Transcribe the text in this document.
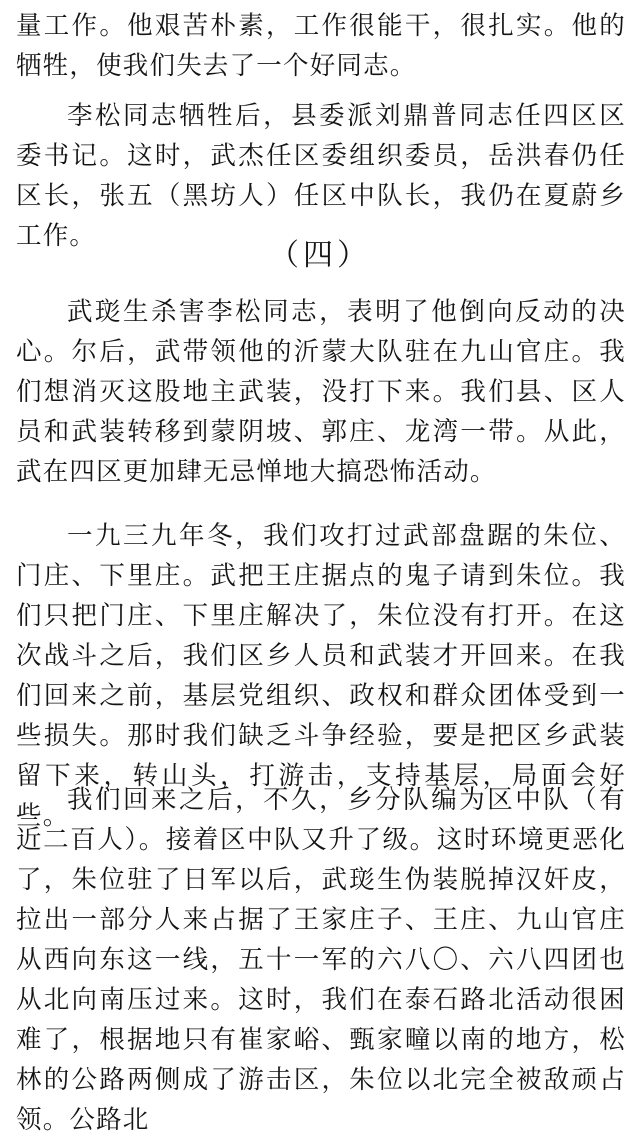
量工作。他艰苦朴素，工作很能干，很扎实。他的牺牲，使我们失去了一个好同志。

李松同志牺牲后，县委派刘鼎普同志任四区区委书记。这时，武杰任区委组织委员，岳洪春仍任区长，张五（黑坊人）任区中队长，我仍在夏蔚乡工作。

（四）

武珳生杀害李松同志，表明了他倒向反动的决心。尔后，武带领他的沂蒙大队驻在九山官庄。我们想消灭这股地主武装，没打下来。我们县、区人员和武装转移到蒙阴坡、郭庄、龙湾一带。从此，武在四区更加肆无忌惮地大搞恐怖活动。

一九三九年冬，我们攻打过武部盘踞的朱位、门庄、下里庄。武把王庄据点的鬼子请到朱位。我们只把门庄、下里庄解决了，朱位没有打开。在这次战斗之后，我们区乡人员和武装才开回来。在我们回来之前，基层党组织、政权和群众团体受到一些损失。那时我们缺乏斗争经验，要是把区乡武装留下来，转山头，打游击，支持基层，局面会好些。

我们回来之后，不久，乡分队编为区中队（有近二百人）。接着区中队又升了级。这时环境更恶化了，朱位驻了日军以后，武珳生伪装脱掉汉奸皮，拉出一部分人来占据了王家庄子、王庄、九山官庄从西向东这一线，五十一军的六八〇、六八四团也从北向南压过来。这时，我们在泰石路北活动很困难了，根据地只有崔家峪、甄家疃以南的地方，松林的公路两侧成了游击区，朱位以北完全被敌顽占领。公路北
